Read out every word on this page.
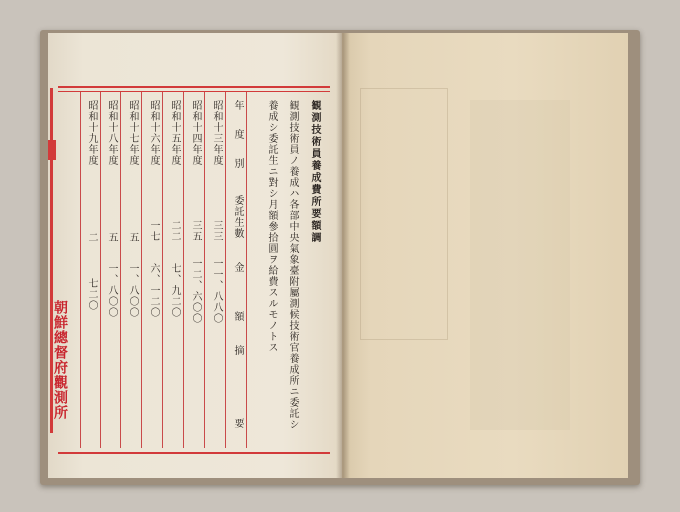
朝鮮總督府觀測所
観測技術員養成費所要額調
観測技術員ノ養成ハ各部中央氣象臺附屬測候技術官養成所ニ委託シ
養成シ委託生ニ對シ月額參拾圓ヲ給費スルモノトス
年 度 別
委託生數
金 額
摘 要
昭和十三年度
三三
一一、八八〇
昭和十四年度
三五
一二、六〇〇
昭和十五年度
二二
七、九二〇
昭和十六年度
一七
六、一二〇
昭和十七年度
五
一、八〇〇
昭和十八年度
五
一、八〇〇
昭和十九年度
二
七二〇
